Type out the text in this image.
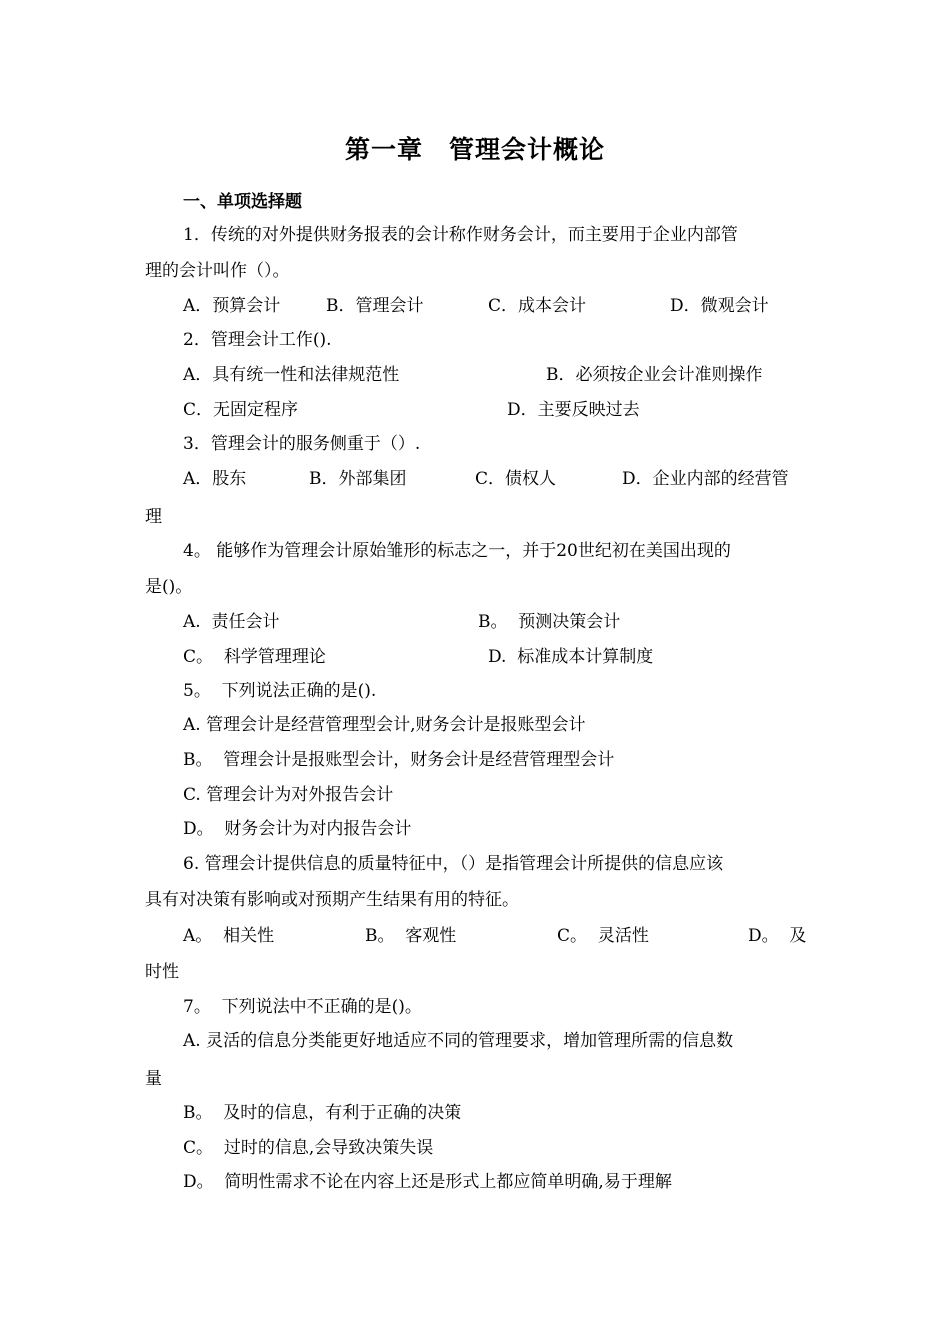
第一章　管理会计概论
一、单项选择题
1．传统的对外提供财务报表的会计称作财务会计，而主要用于企业内部管
理的会计叫作（）。
A．预算会计	B．管理会计	C．成本会计	D．微观会计
2．管理会计工作().
A．具有统一性和法律规范性	B．必须按企业会计准则操作
C．无固定程序	D．主要反映过去
3．管理会计的服务侧重于（）.
A．股东	B．外部集团	C．债权人	D．企业内部的经营管
理
4。 能够作为管理会计原始雏形的标志之一，并于20世纪初在美国出现的
是()。
A.  责任会计	B。  预测决策会计
C。  科学管理理论	D.  标准成本计算制度
5。  下列说法正确的是().
A. 管理会计是经营管理型会计,财务会计是报账型会计
B。  管理会计是报账型会计，财务会计是经营管理型会计
C. 管理会计为对外报告会计
D。  财务会计为对内报告会计
6. 管理会计提供信息的质量特征中，（）是指管理会计所提供的信息应该
具有对决策有影响或对预期产生结果有用的特征。
A。  相关性	B。  客观性	C。  灵活性	D。  及
时性
7。  下列说法中不正确的是()。
A. 灵活的信息分类能更好地适应不同的管理要求，增加管理所需的信息数
量
B。  及时的信息，有利于正确的决策
C。  过时的信息,会导致决策失误
D。  简明性需求不论在内容上还是形式上都应简单明确,易于理解
